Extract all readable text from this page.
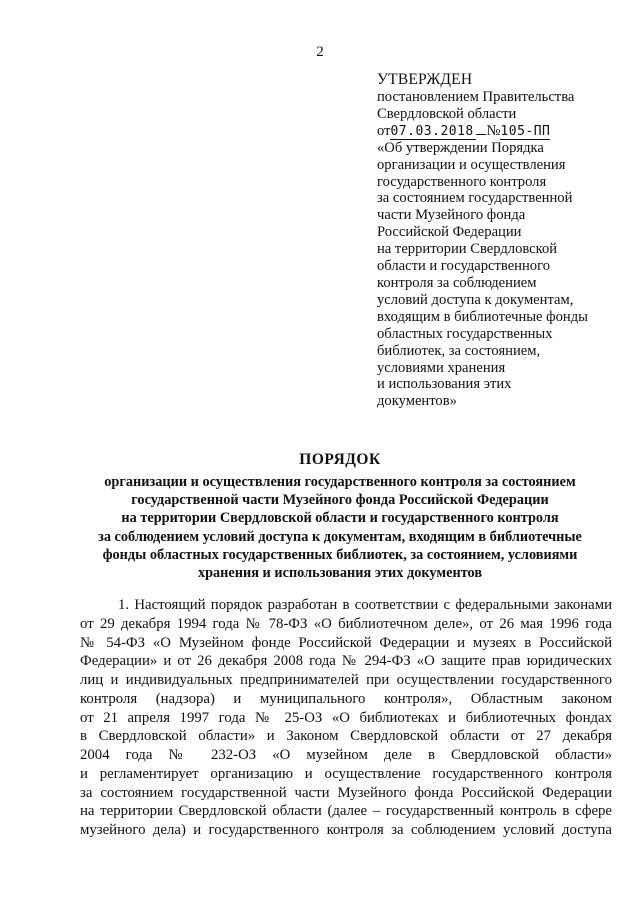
2
УТВЕРЖДЕН
постановлением Правительства
Свердловской области
от07.03.2018 №105-ПП
«Об утверждении Порядка
организации и осуществления
государственного контроля
за состоянием государственной
части Музейного фонда
Российской Федерации
на территории Свердловской
области и государственного
контроля за соблюдением
условий доступа к документам,
входящим в библиотечные фонды
областных государственных
библиотек, за состоянием,
условиями хранения
и использования этих
документов»
ПОРЯДОК
организации и осуществления государственного контроля за состоянием
государственной части Музейного фонда Российской Федерации
на территории Свердловской области и государственного контроля
за соблюдением условий доступа к документам, входящим в библиотечные
фонды областных государственных библиотек, за состоянием, условиями
хранения и использования этих документов
1. Настоящий порядок разработан в соответствии с федеральными законами
от 29 декабря 1994 года № 78-ФЗ «О библиотечном деле», от 26 мая 1996 года
№ 54-ФЗ «О Музейном фонде Российской Федерации и музеях в Российской
Федерации» и от 26 декабря 2008 года № 294-ФЗ «О защите прав юридических
лиц и индивидуальных предпринимателей при осуществлении государственного
контроля (надзора) и муниципального контроля», Областным законом
от 21 апреля 1997 года № 25-ОЗ «О библиотеках и библиотечных фондах
в Свердловской области» и Законом Свердловской области от 27 декабря
2004 года № 232-ОЗ «О музейном деле в Свердловской области»
и регламентирует организацию и осуществление государственного контроля
за состоянием государственной части Музейного фонда Российской Федерации
на территории Свердловской области (далее – государственный контроль в сфере
музейного дела) и государственного контроля за соблюдением условий доступа
